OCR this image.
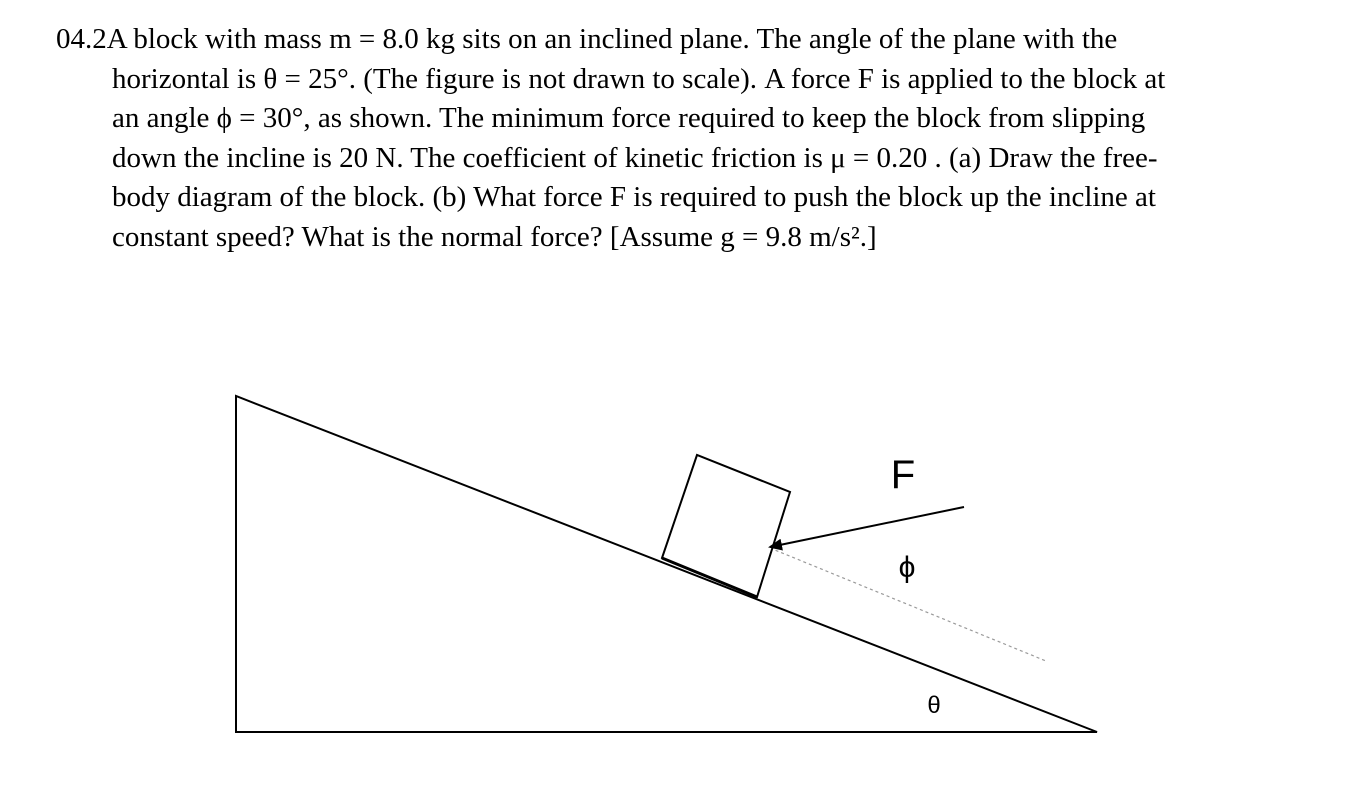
04.2A block with mass m = 8.0 kg sits on an inclined plane. The angle of the plane with the
horizontal is θ = 25°. (The figure is not drawn to scale). A force F is applied to the block at
an angle ϕ = 30°, as shown. The minimum force required to keep the block from slipping
down the incline is 20 N. The coefficient of kinetic friction is μ = 0.20 . (a) Draw the free-
body diagram of the block. (b) What force F is required to push the block up the incline at
constant speed? What is the normal force? [Assume g = 9.8 m/s².]
F
ϕ
θ
